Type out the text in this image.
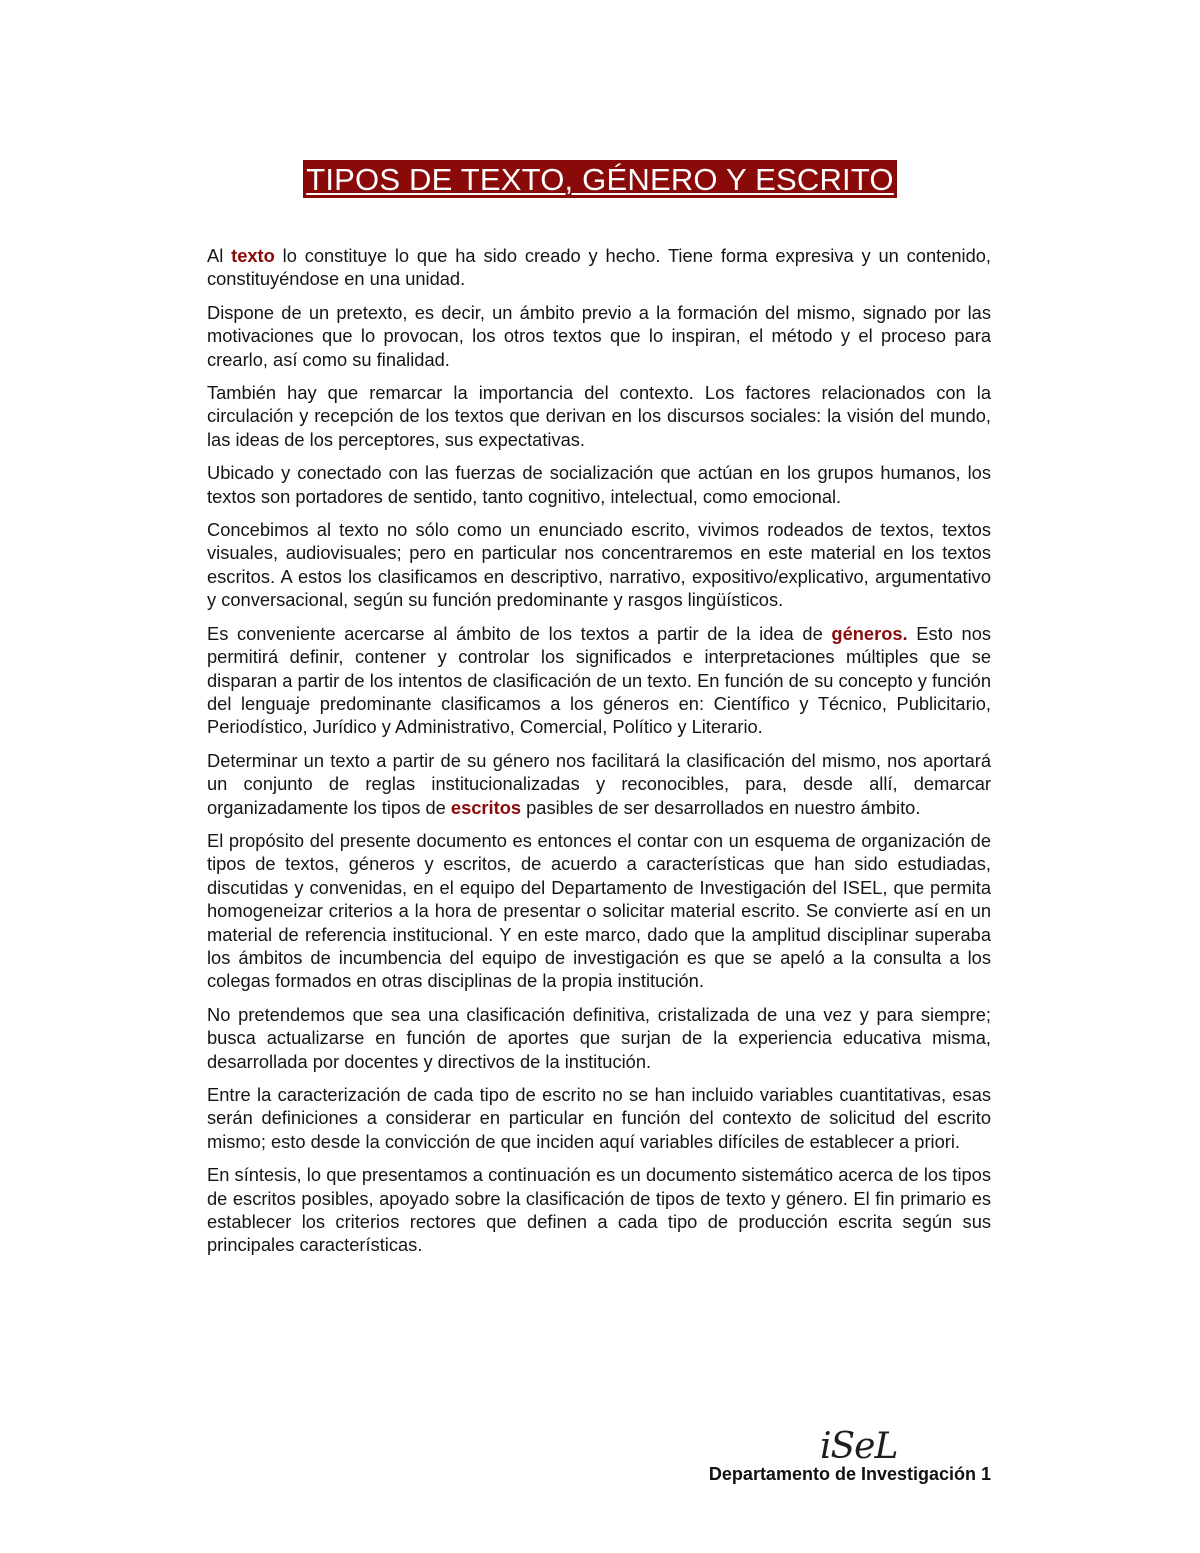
TIPOS DE TEXTO, GÉNERO Y ESCRITO

Al texto lo constituye lo que ha sido creado y hecho. Tiene forma expresiva y un contenido, constituyéndose en una unidad.

Dispone de un pretexto, es decir, un ámbito previo a la formación del mismo, signado por las motivaciones que lo provocan, los otros textos que lo inspiran, el método y el proceso para crearlo, así como su finalidad.

También hay que remarcar la importancia del contexto. Los factores relacionados con la circulación y recepción de los textos que derivan en los discursos sociales: la visión del mundo, las ideas de los perceptores, sus expectativas.

Ubicado y conectado con las fuerzas de socialización que actúan en los grupos humanos, los textos son portadores de sentido, tanto cognitivo, intelectual, como emocional.

Concebimos al texto no sólo como un enunciado escrito, vivimos rodeados de textos, textos visuales, audiovisuales; pero en particular nos concentraremos en este material en los textos escritos. A estos los clasificamos en descriptivo, narrativo, expositivo/explicativo, argumentativo y conversacional, según su función predominante y rasgos lingüísticos.

Es conveniente acercarse al ámbito de los textos a partir de la idea de géneros. Esto nos permitirá definir, contener y controlar los significados e interpretaciones múltiples que se disparan a partir de los intentos de clasificación de un texto. En función de su concepto y función del lenguaje predominante clasificamos a los géneros en: Científico y Técnico, Publicitario, Periodístico, Jurídico y Administrativo, Comercial, Político y Literario.

Determinar un texto a partir de su género nos facilitará la clasificación del mismo, nos aportará un conjunto de reglas institucionalizadas y reconocibles, para, desde allí, demarcar organizadamente los tipos de escritos pasibles de ser desarrollados en nuestro ámbito.

El propósito del presente documento es entonces el contar con un esquema de organización de tipos de textos, géneros y escritos, de acuerdo a características que han sido estudiadas, discutidas y convenidas, en el equipo del Departamento de Investigación del ISEL, que permita homogeneizar criterios a la hora de presentar o solicitar material escrito. Se convierte así en un material de referencia institucional. Y en este marco, dado que la amplitud disciplinar superaba los ámbitos de incumbencia del equipo de investigación es que se apeló a la consulta a los colegas formados en otras disciplinas de la propia institución.

No pretendemos que sea una clasificación definitiva, cristalizada de una vez y para siempre; busca actualizarse en función de aportes que surjan de la experiencia educativa misma, desarrollada por docentes y directivos de la institución.

Entre la caracterización de cada tipo de escrito no se han incluido variables cuantitativas, esas serán definiciones a considerar en particular en función del contexto de solicitud del escrito mismo; esto desde la convicción de que inciden aquí variables difíciles de establecer a priori.

En síntesis, lo que presentamos a continuación es un documento sistemático acerca de los tipos de escritos posibles, apoyado sobre la clasificación de tipos de texto y género. El fin primario es establecer los criterios rectores que definen a cada tipo de producción escrita según sus principales características.

iSeL
Departamento de Investigación 1
